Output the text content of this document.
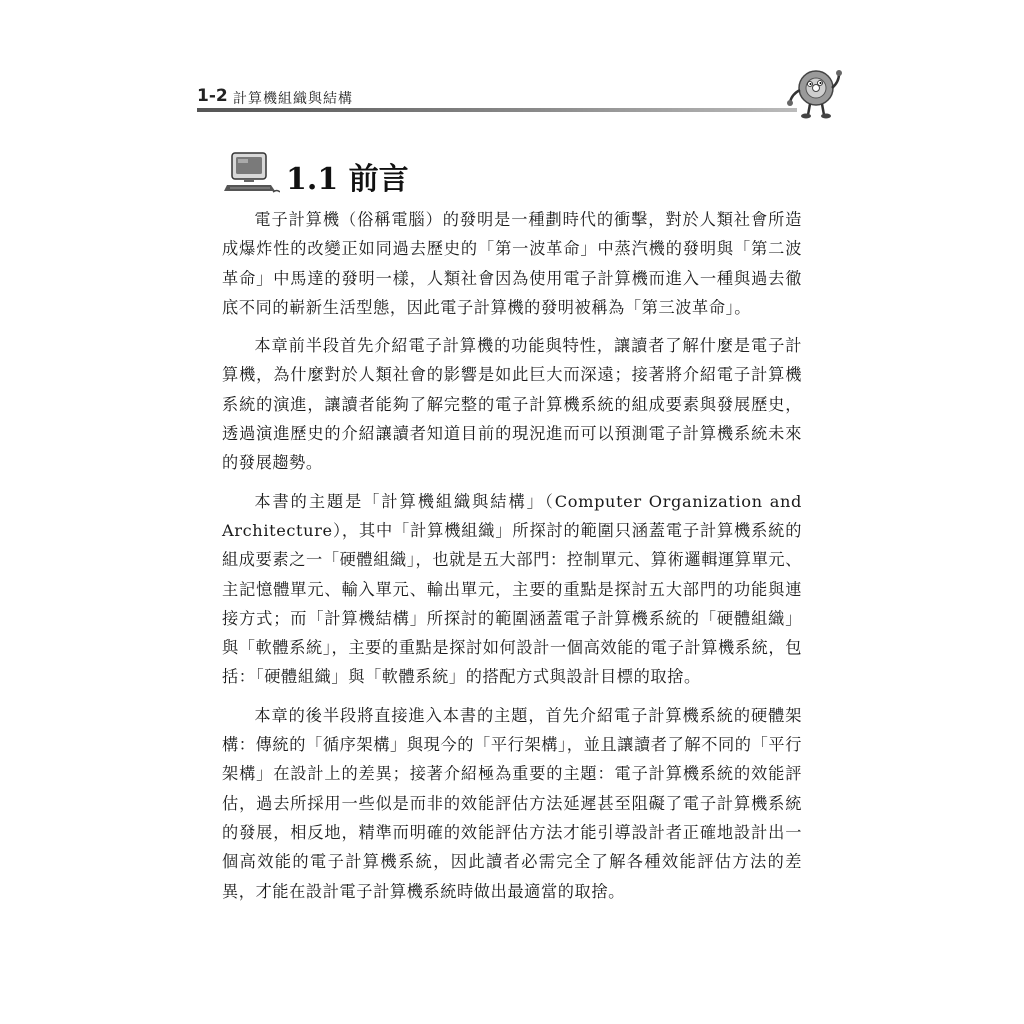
1-2 計算機組織與結構
1.1 前言

電子計算機（俗稱電腦）的發明是一種劃時代的衝擊，對於人類社會所造成爆炸性的改變正如同過去歷史的「第一波革命」中蒸汽機的發明與「第二波革命」中馬達的發明一樣，人類社會因為使用電子計算機而進入一種與過去徹底不同的嶄新生活型態，因此電子計算機的發明被稱為「第三波革命」。

本章前半段首先介紹電子計算機的功能與特性，讓讀者了解什麼是電子計算機，為什麼對於人類社會的影響是如此巨大而深遠；接著將介紹電子計算機系統的演進，讓讀者能夠了解完整的電子計算機系統的組成要素與發展歷史，透過演進歷史的介紹讓讀者知道目前的現況進而可以預測電子計算機系統未來的發展趨勢。

本書的主題是「計算機組織與結構」（Computer Organization and Architecture），其中「計算機組織」所探討的範圍只涵蓋電子計算機系統的組成要素之一「硬體組織」，也就是五大部門：控制單元、算術邏輯運算單元、主記憶體單元、輸入單元、輸出單元，主要的重點是探討五大部門的功能與連接方式；而「計算機結構」所探討的範圍涵蓋電子計算機系統的「硬體組織」與「軟體系統」，主要的重點是探討如何設計一個高效能的電子計算機系統，包括：「硬體組織」與「軟體系統」的搭配方式與設計目標的取捨。

本章的後半段將直接進入本書的主題，首先介紹電子計算機系統的硬體架構：傳統的「循序架構」與現今的「平行架構」，並且讓讀者了解不同的「平行架構」在設計上的差異；接著介紹極為重要的主題：電子計算機系統的效能評估，過去所採用一些似是而非的效能評估方法延遲甚至阻礙了電子計算機系統的發展，相反地，精準而明確的效能評估方法才能引導設計者正確地設計出一個高效能的電子計算機系統，因此讀者必需完全了解各種效能評估方法的差異，才能在設計電子計算機系統時做出最適當的取捨。
